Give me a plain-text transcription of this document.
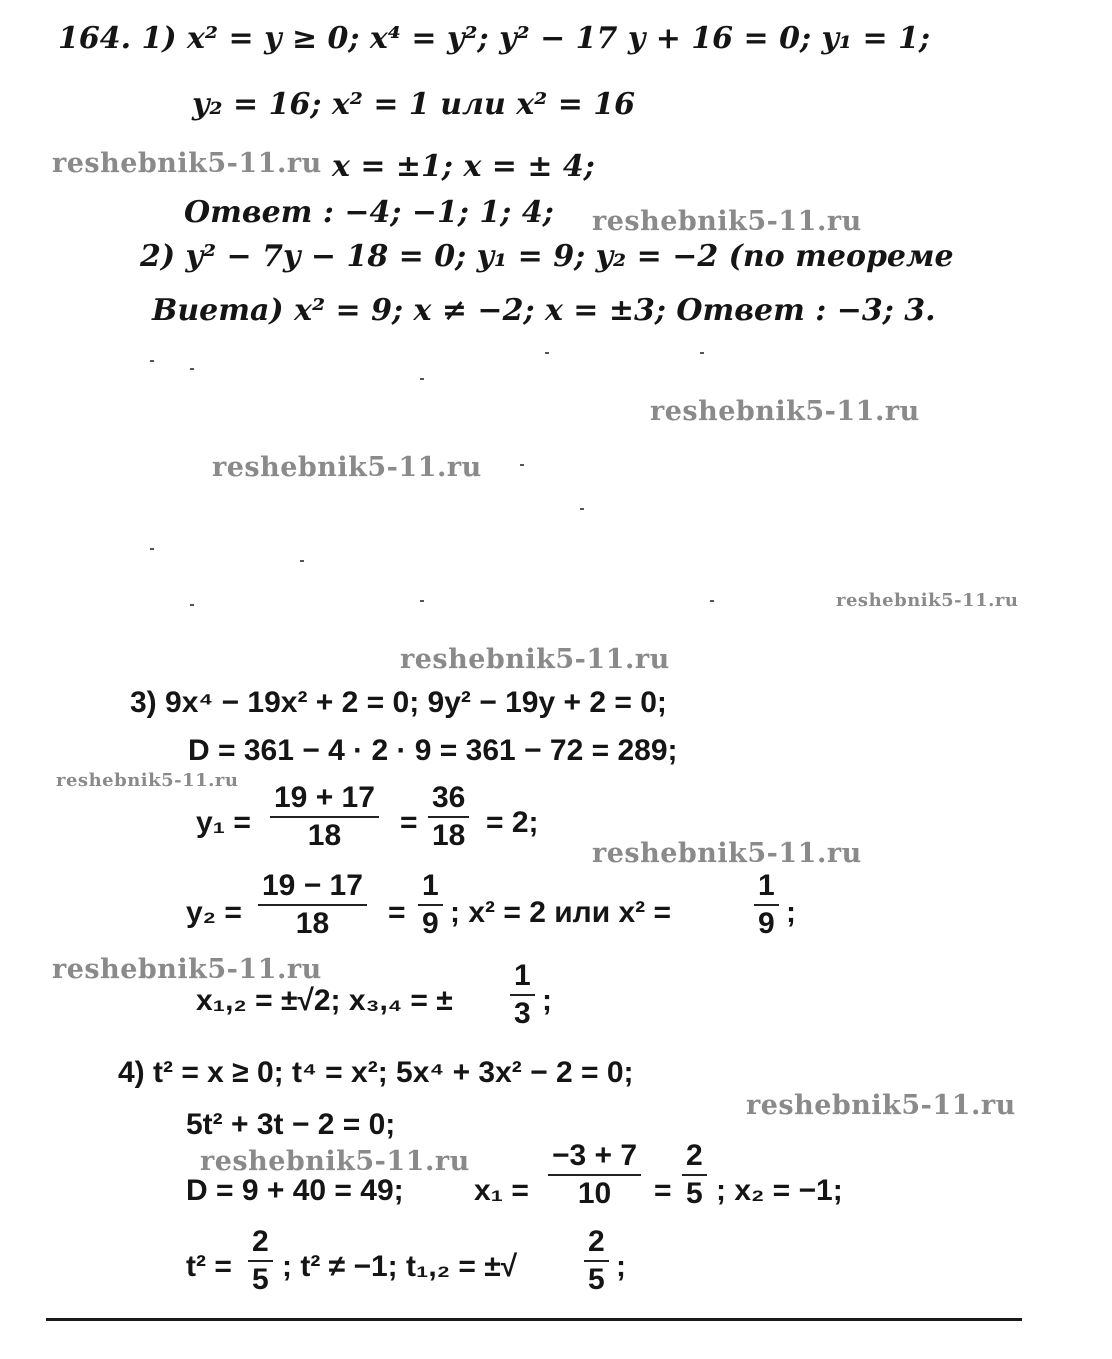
164. 1) x² = y ≥ 0; x⁴ = y²; y² − 17 y + 16 = 0; y₁ = 1;
y₂ = 16; x² = 1 или x² = 16
reshebnik5-11.ru x = ±1; x = ± 4;
Ответ : −4; −1; 1; 4; reshebnik5-11.ru
2) y² − 7y − 18 = 0; y₁ = 9; y₂ = −2 (по теореме
Виета) x² = 9; x ≠ −2; x = ±3; Ответ : −3; 3.
reshebnik5-11.ru
reshebnik5-11.ru
reshebnik5-11.ru
reshebnik5-11.ru
3) 9x⁴ − 19x² + 2 = 0; 9y² − 19y + 2 = 0;
D = 361 − 4 · 2 · 9 = 361 − 72 = 289;
reshebnik5-11.ru
$y_1 = \frac{19 + 17}{18} = \frac{36}{18} = 2$;
reshebnik5-11.ru
$y_2 = \frac{19 - 17}{18} = \frac{1}{9}$ ; x² = 2 или x² =	$\frac{1}{9}$ ;
reshebnik5-11.ru
x₁,₂ = ±√2; x₃,₄ = ± $\frac{1}{3}$ ;
4) t² = x ≥ 0; t⁴ = x²; 5x⁴ + 3x² − 2 = 0;
reshebnik5-11.ru
5t² + 3t − 2 = 0;
reshebnik5-11.ru
D = 9 + 40 = 49; $x_1 = \frac{-3 + 7}{10} = \frac{2}{5}$ ; x₂ = −1;
$t^2 = \frac{2}{5}$ ; t² ≠ −1; t₁,₂ = ±√ $\frac{2}{5}$ ;
